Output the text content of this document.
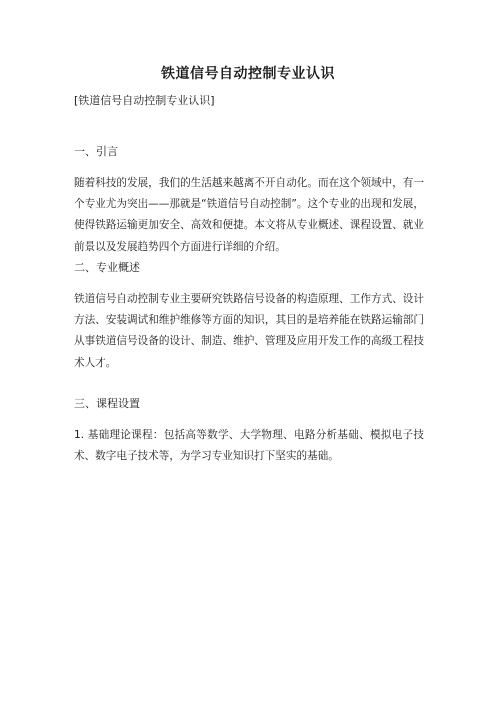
铁道信号自动控制专业认识
[铁道信号自动控制专业认识]
一、引言

随着科技的发展，我们的生活越来越离不开自动化。而在这个领域中，有一个专业尤为突出——那就是“铁道信号自动控制”。这个专业的出现和发展，使得铁路运输更加安全、高效和便捷。本文将从专业概述、课程设置、就业前景以及发展趋势四个方面进行详细的介绍。

二、专业概述

铁道信号自动控制专业主要研究铁路信号设备的构造原理、工作方式、设计方法、安装调试和维护维修等方面的知识，其目的是培养能在铁路运输部门从事铁道信号设备的设计、制造、维护、管理及应用开发工作的高级工程技术人才。

三、课程设置

1. 基础理论课程：包括高等数学、大学物理、电路分析基础、模拟电子技术、数字电子技术等，为学习专业知识打下坚实的基础。
